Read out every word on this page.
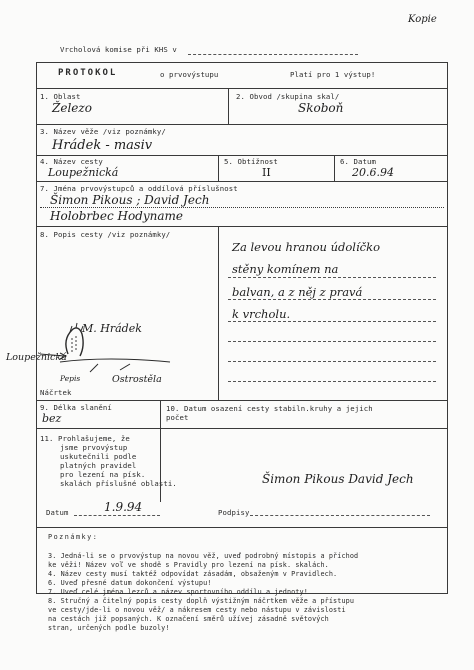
Kopie
Vrcholová komise při KHS v
PROTOKOL	o prvovýstupu	Platí pro 1 výstup!
1. Oblast
Železo
2. Obvod /skupina skal/
Skoboň
3. Název věže /viz poznámky/
Hrádek - masiv
4. Název cesty
Loupežnická
5. Obtížnost
II
6. Datum
20.6.94
7. Jména prvovýstupců a oddílová příslušnost
Šimon Pikous ; David Jech
Holobrbec Hodyname
8. Popis cesty /viz poznámky/
Za levou hranou údolíčko
stěny komínem na
balvan, a z něj z pravá
k vrcholu.
M. Hrádek
Loupežnická
Pepis	Ostrostěla
Náčrtek
9. Délka slanění
bez
10. Datum osazení cesty stabiln.kruhy a jejich počet
11. Prohlašujeme, že
jsme prvovýstup
uskutečnili podle
platných pravidel
pro lezení na písk.
skalách příslušné oblasti.	Šimon Pikous David Jech
Datum	1.9.94	Podpisy
Poznámky:
3. Jedná-li se o prvovýstup na novou věž, uveď podrobný místopis a příchod
ke věži! Název voľ ve shodě s Pravidly pro lezení na písk. skalách.
4. Název cesty musí taktéž odpovídat zásadám, obsaženým v Pravidlech.
6. Uveď přesné datum dokončení výstupu!
7. Uveď celé jména lezců a název sportovního oddílu a jednoty!
8. Stručný a čitelný popis cesty doplň výstižným náčrtkem věže a přístupu
ve cesty/jde-li o novou věž/ a nákresem cesty nebo nástupu v závislosti
na cestách již popsaných. K označení směrů užívej zásadně světových
stran, určených podle buzoly!
